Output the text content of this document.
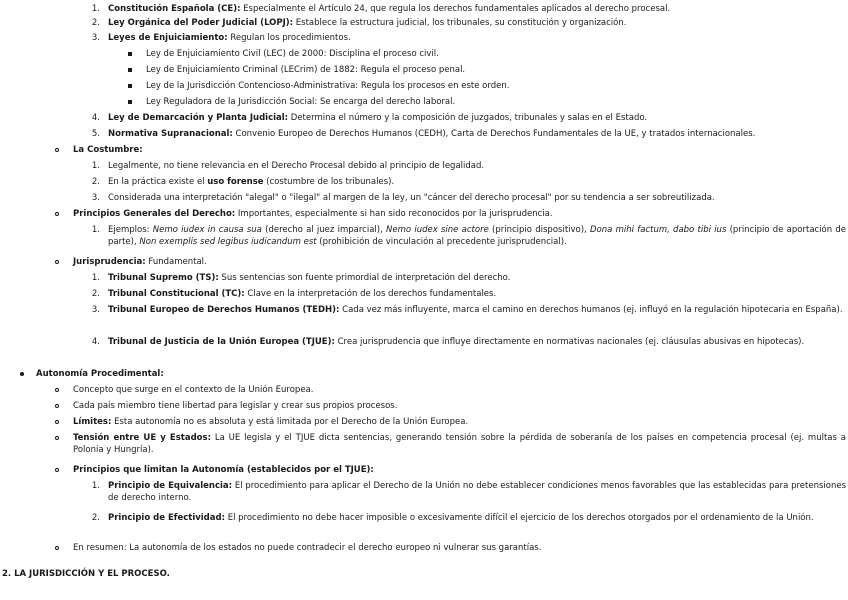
1. Constitución Española (CE): Especialmente el Artículo 24, que regula los derechos fundamentales aplicados al derecho procesal.
2. Ley Orgánica del Poder Judicial (LOPJ): Establece la estructura judicial, los tribunales, su constitución y organización.
3. Leyes de Enjuiciamiento: Regulan los procedimientos.
Ley de Enjuiciamiento Civil (LEC) de 2000: Disciplina el proceso civil.
Ley de Enjuiciamiento Criminal (LECrim) de 1882: Regula el proceso penal.
Ley de la Jurisdicción Contencioso-Administrativa: Regula los procesos en este orden.
Ley Reguladora de la Jurisdicción Social: Se encarga del derecho laboral.
4. Ley de Demarcación y Planta Judicial: Determina el número y la composición de juzgados, tribunales y salas en el Estado.
5. Normativa Supranacional: Convenio Europeo de Derechos Humanos (CEDH), Carta de Derechos Fundamentales de la UE, y tratados internacionales.
La Costumbre:
1. Legalmente, no tiene relevancia en el Derecho Procesal debido al principio de legalidad.
2. En la práctica existe el uso forense (costumbre de los tribunales).
3. Considerada una interpretación "alegal" o "ilegal" al margen de la ley, un "cáncer del derecho procesal" por su tendencia a ser sobreutilizada.
Principios Generales del Derecho: Importantes, especialmente si han sido reconocidos por la jurisprudencia.
1. Ejemplos: Nemo iudex in causa sua (derecho al juez imparcial), Nemo iudex sine actore (principio dispositivo), Dona mihi factum, dabo tibi ius (principio de aportación de parte), Non exemplis sed legibus iudicandum est (prohibición de vinculación al precedente jurisprudencial).
Jurisprudencia: Fundamental.
1. Tribunal Supremo (TS): Sus sentencias son fuente primordial de interpretación del derecho.
2. Tribunal Constitucional (TC): Clave en la interpretación de los derechos fundamentales.
3. Tribunal Europeo de Derechos Humanos (TEDH): Cada vez más influyente, marca el camino en derechos humanos (ej. influyó en la regulación hipotecaria en España).
4. Tribunal de Justicia de la Unión Europea (TJUE): Crea jurisprudencia que influye directamente en normativas nacionales (ej. cláusulas abusivas en hipotecas).
Autonomía Procedimental:
Concepto que surge en el contexto de la Unión Europea.
Cada país miembro tiene libertad para legislar y crear sus propios procesos.
Límites: Esta autonomía no es absoluta y está limitada por el Derecho de la Unión Europea.
Tensión entre UE y Estados: La UE legisla y el TJUE dicta sentencias, generando tensión sobre la pérdida de soberanía de los países en competencia procesal (ej. multas a Polonia y Hungría).
Principios que limitan la Autonomía (establecidos por el TJUE):
1. Principio de Equivalencia: El procedimiento para aplicar el Derecho de la Unión no debe establecer condiciones menos favorables que las establecidas para pretensiones de derecho interno.
2. Principio de Efectividad: El procedimiento no debe hacer imposible o excesivamente difícil el ejercicio de los derechos otorgados por el ordenamiento de la Unión.
En resumen: La autonomía de los estados no puede contradecir el derecho europeo ni vulnerar sus garantías.
2. LA JURISDICCIÓN Y EL PROCESO.
